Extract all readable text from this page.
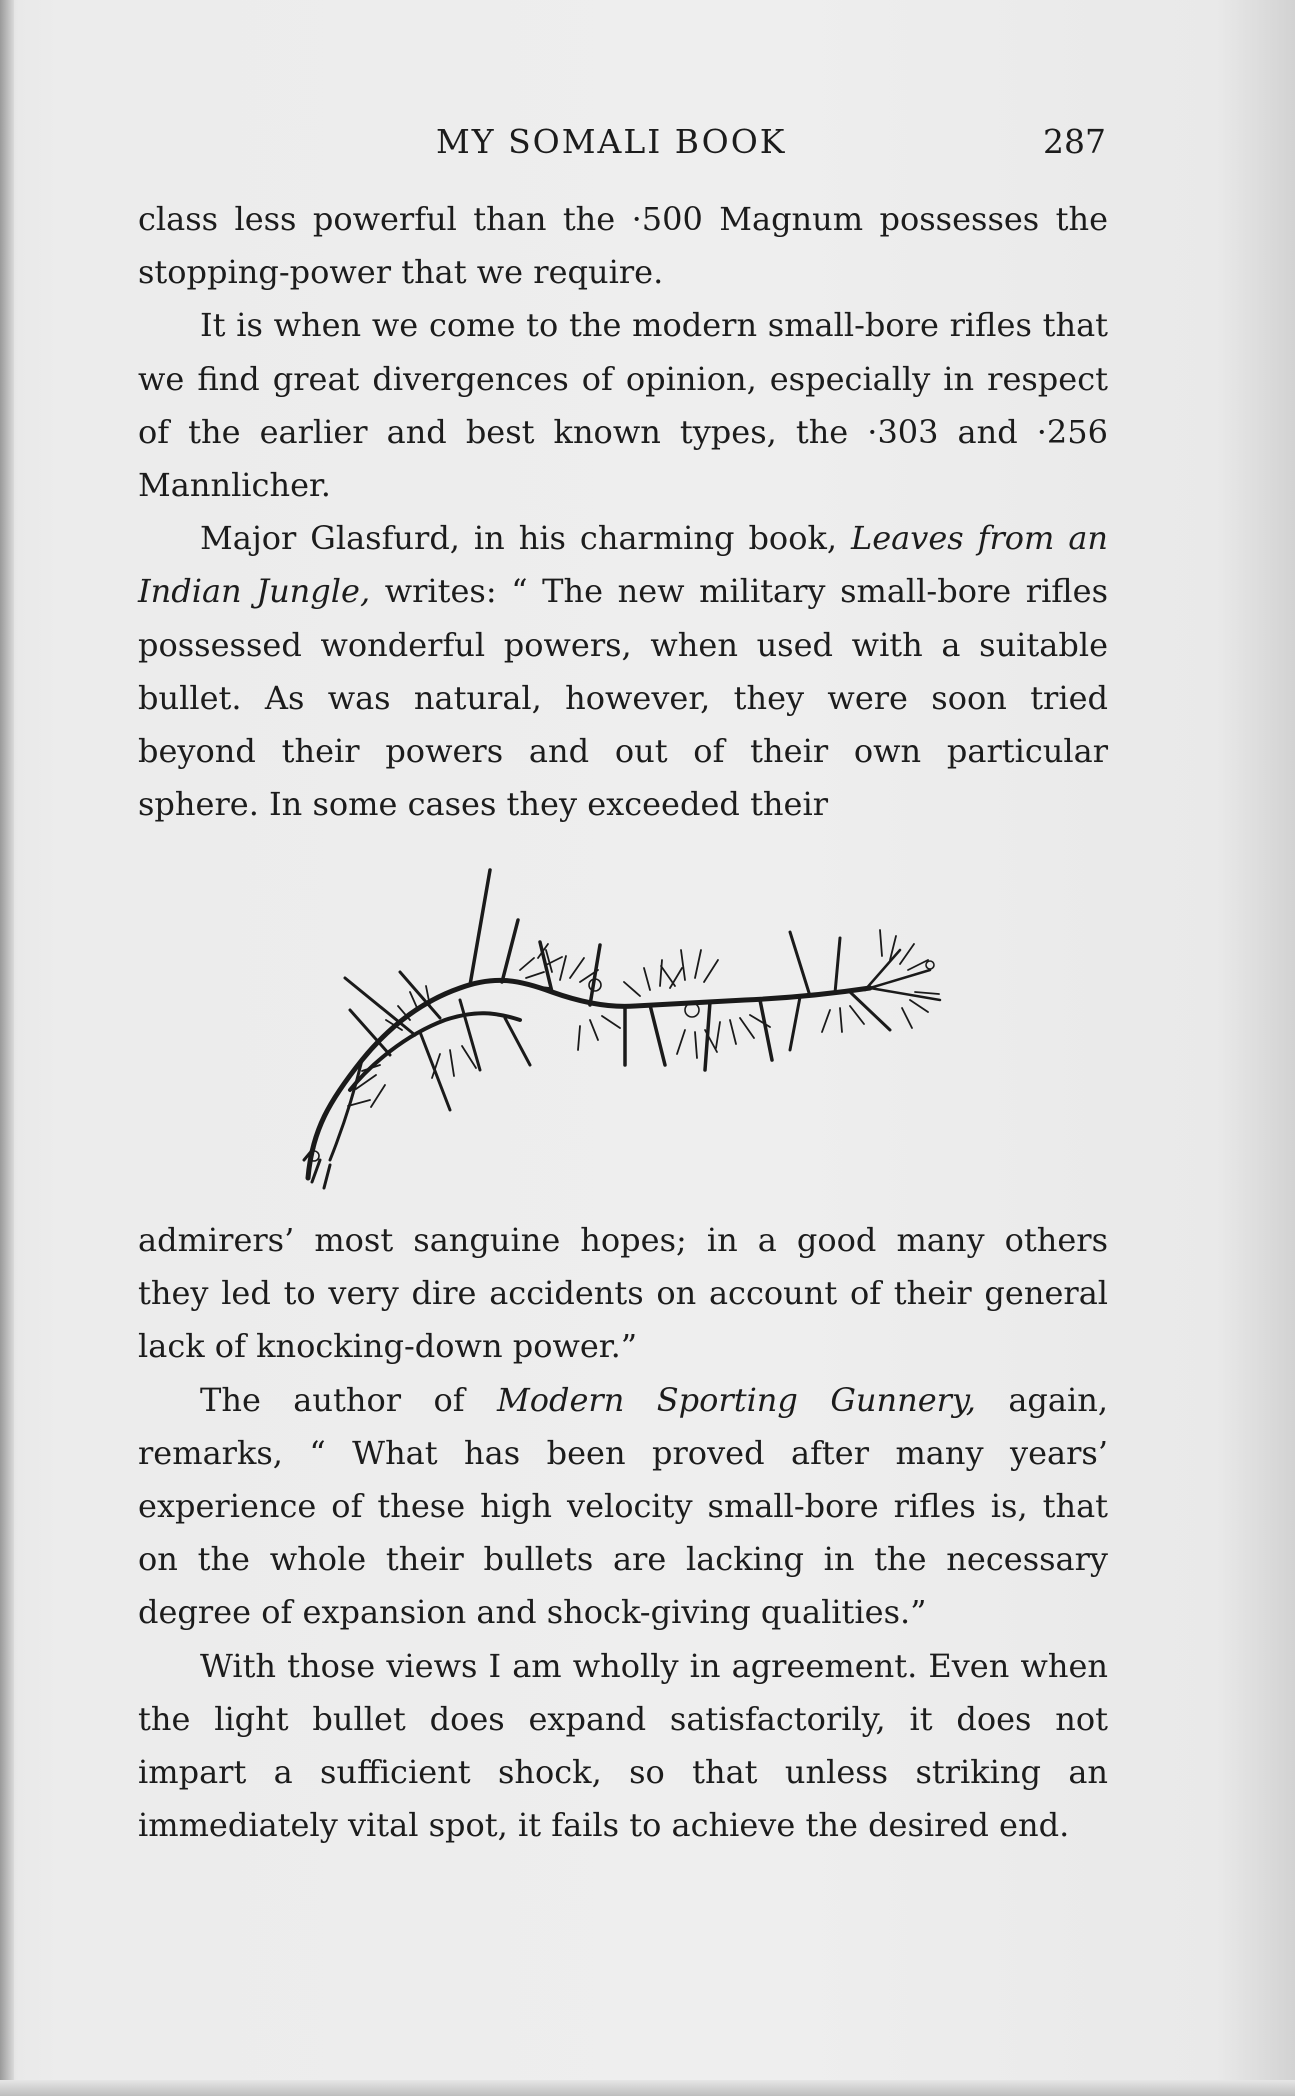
MY SOMALI BOOK	287

class less powerful than the ·500 Magnum possesses the stopping-power that we require.

It is when we come to the modern small-bore rifles that we find great divergences of opinion, especially in respect of the earlier and best known types, the ·303 and ·256 Mannlicher.

Major Glasfurd, in his charming book, Leaves from an Indian Jungle, writes: “ The new military small-bore rifles possessed wonderful powers, when used with a suitable bullet. As was natural, however, they were soon tried beyond their powers and out of their own particular sphere. In some cases they exceeded their

admirers’ most sanguine hopes; in a good many others they led to very dire accidents on account of their general lack of knocking-down power.”

The author of Modern Sporting Gunnery, again, remarks, “ What has been proved after many years’ experience of these high velocity small-bore rifles is, that on the whole their bullets are lacking in the necessary degree of expansion and shock-giving qualities.”

With those views I am wholly in agreement. Even when the light bullet does expand satisfactorily, it does not impart a sufficient shock, so that unless striking an immediately vital spot, it fails to achieve the desired end.
